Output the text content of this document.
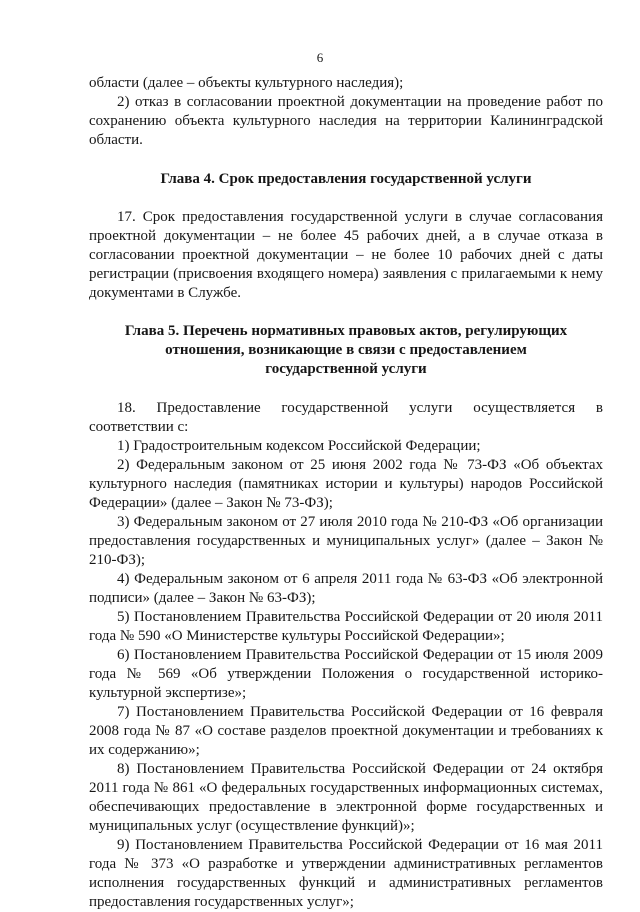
6

области (далее – объекты культурного наследия);

2) отказ в согласовании проектной документации на проведение работ по сохранению объекта культурного наследия на территории Калининградской области.

Глава 4. Срок предоставления государственной услуги

17. Срок предоставления государственной услуги в случае согласования проектной документации – не более 45 рабочих дней, а в случае отказа в согласовании проектной документации – не более 10 рабочих дней с даты регистрации (присвоения входящего номера) заявления с прилагаемыми к нему документами в Службе.

Глава 5. Перечень нормативных правовых актов, регулирующих
отношения, возникающие в связи с предоставлением
государственной услуги

18. Предоставление государственной услуги осуществляется в соответствии с:

1) Градостроительным кодексом Российской Федерации;

2) Федеральным законом от 25 июня 2002 года № 73-ФЗ «Об объектах культурного наследия (памятниках истории и культуры) народов Российской Федерации» (далее – Закон № 73-ФЗ);

3) Федеральным законом от 27 июля 2010 года № 210-ФЗ «Об организации предоставления государственных и муниципальных услуг» (далее – Закон № 210-ФЗ);

4) Федеральным законом от 6 апреля 2011 года № 63-ФЗ «Об электронной подписи» (далее – Закон № 63-ФЗ);

5) Постановлением Правительства Российской Федерации от 20 июля 2011 года № 590 «О Министерстве культуры Российской Федерации»;

6) Постановлением Правительства Российской Федерации от 15 июля 2009 года № 569 «Об утверждении Положения о государственной историко-культурной экспертизе»;

7) Постановлением Правительства Российской Федерации от 16 февраля 2008 года № 87 «О составе разделов проектной документации и требованиях к их содержанию»;

8) Постановлением Правительства Российской Федерации от 24 октября 2011 года № 861 «О федеральных государственных информационных системах, обеспечивающих предоставление в электронной форме государственных и муниципальных услуг (осуществление функций)»;

9) Постановлением Правительства Российской Федерации от 16 мая 2011 года № 373 «О разработке и утверждении административных регламентов исполнения государственных функций и административных регламентов предоставления государственных услуг»;
